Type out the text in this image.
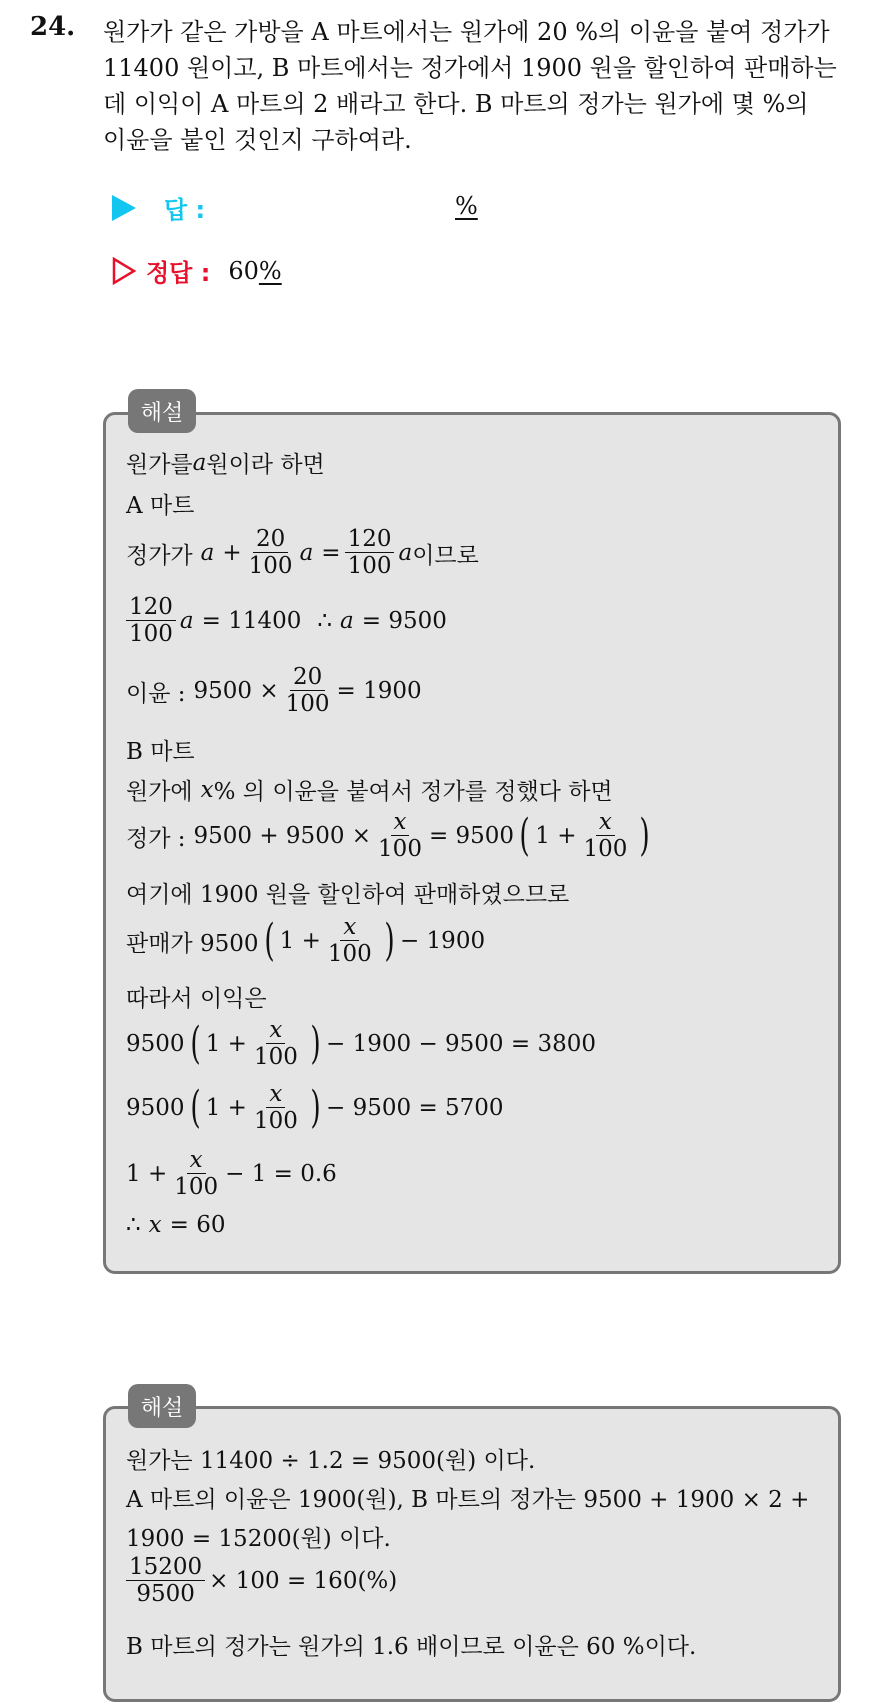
24. 원가가 같은 가방을 A 마트에서는 원가에 20 %의 이윤을 붙여 정가가
11400 원이고, B 마트에서는 정가에서 1900 원을 할인하여 판매하는
데 이익이 A 마트의 2 배라고 한다. B 마트의 정가는 원가에 몇 %의
이윤을 붙인 것인지 구하여라.
답 :	%
정답 : 60 %
해설
원가를 a 원이라 하면
A 마트
정가가 $a + \frac{20}{100}$ $a = \frac{120}{100}$ a 이므로
$\frac{120}{100}$ a = 11400 ∴ a = 9500
이윤 : $9500 \times \frac{20}{100} = 1900$
B 마트
원가에 x % 의 이윤을 붙여서 정가를 정했다 하면
정가 : $9500 + 9500 \times \frac{x}{100} = 9500$ ( $1 + \frac{x}{100}$ )
여기에 1900 원을 할인하여 판매하였으므로
판매가 9500 ( $1 + \frac{x}{100}$ ) − 1900
따라서 이익은
9500 ( $1 + \frac{x}{100}$ ) − 1900 − 9500 = 3800
9500 ( $1 + \frac{x}{100}$ ) − 9500 = 5700
$1 + \frac{x}{100} - 1 = 0.6$
∴ x = 60
해설
원가는 11400 ÷ 1.2 = 9500(원) 이다.
A 마트의 이윤은 1900(원), B 마트의 정가는 9500 + 1900 × 2 +
1900 = 15200(원) 이다.
$\frac{15200}{9500} \times 100 = 160(\%)$
B 마트의 정가는 원가의 1.6 배이므로 이윤은 60 %이다.
